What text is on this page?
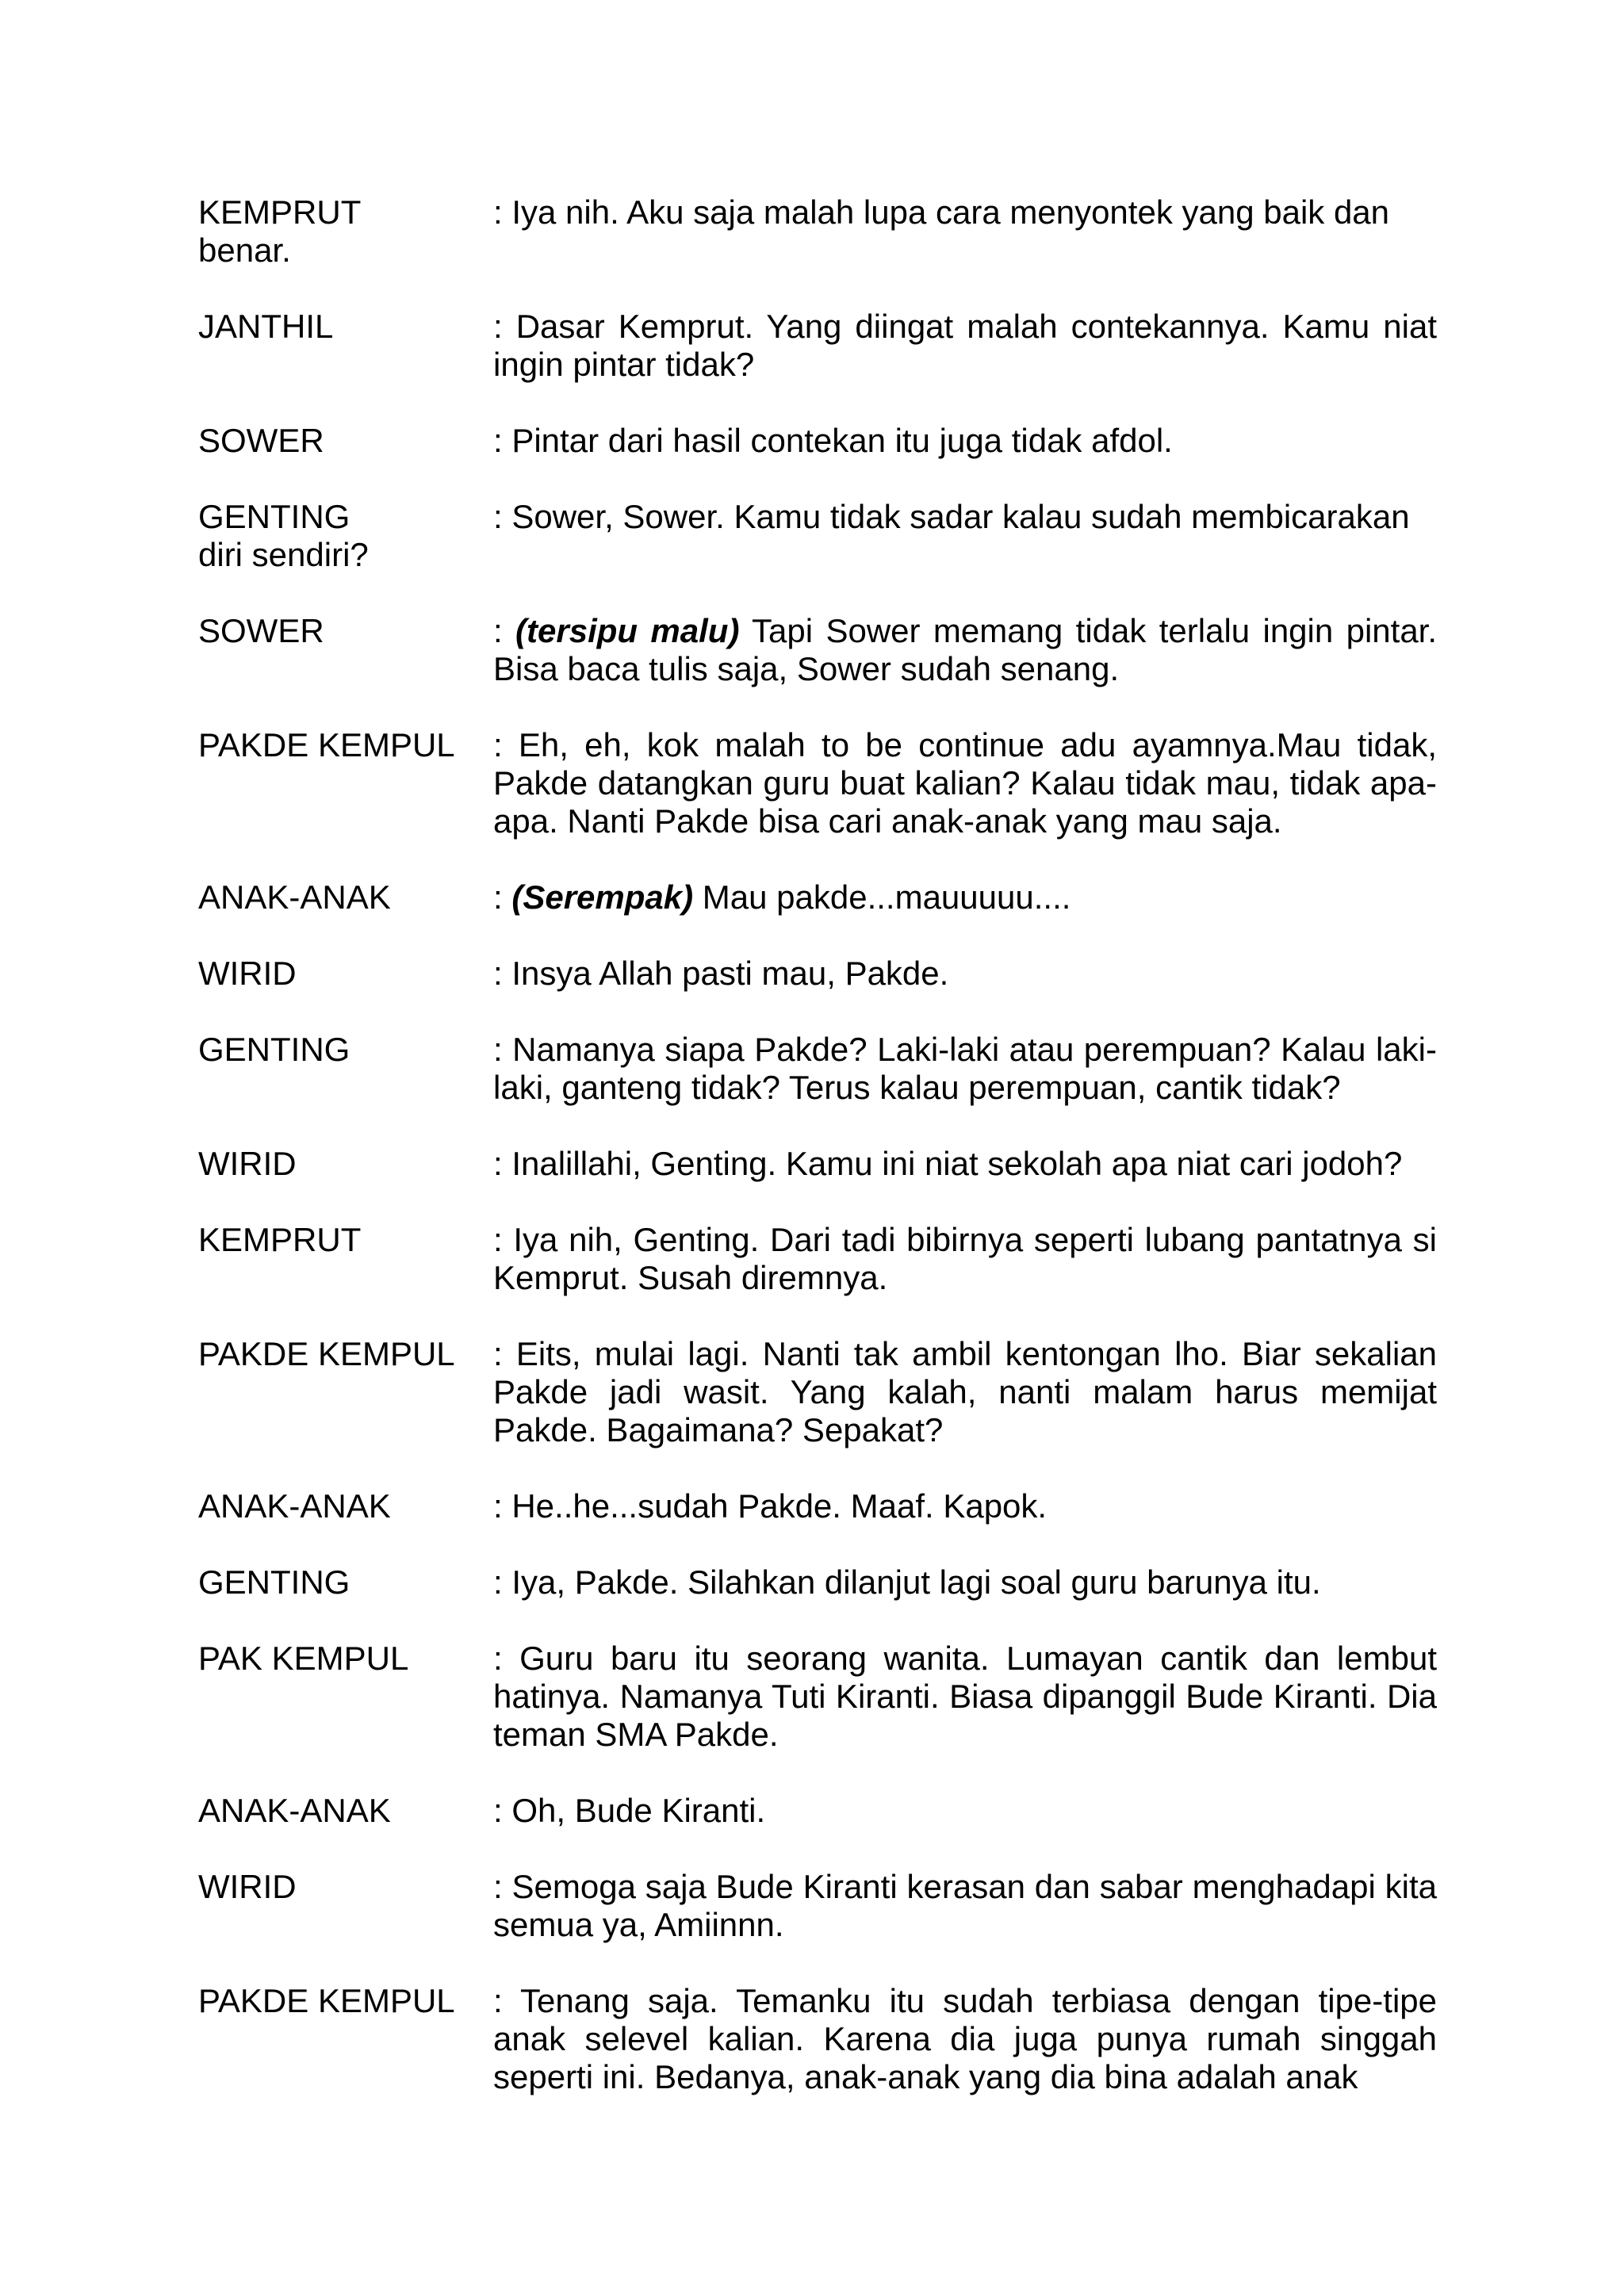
KEMPRUT	: Iya nih. Aku saja malah lupa cara menyontek yang baik dan
benar.
JANTHIL	: Dasar Kemprut. Yang diingat malah contekannya. Kamu niat ingin pintar tidak?
SOWER	: Pintar dari hasil contekan itu juga tidak afdol.
GENTING	: Sower, Sower. Kamu tidak sadar kalau sudah membicarakan
diri sendiri?
SOWER	: (tersipu malu) Tapi Sower memang tidak terlalu ingin pintar. Bisa baca tulis saja, Sower sudah senang.
PAKDE KEMPUL : Eh, eh, kok malah to be continue adu ayamnya.Mau tidak, Pakde datangkan guru buat kalian? Kalau tidak mau, tidak apa-apa. Nanti Pakde bisa cari anak-anak yang mau saja.
ANAK-ANAK	: (Serempak) Mau pakde...mauuuuu....
WIRID	: Insya Allah pasti mau, Pakde.
GENTING	: Namanya siapa Pakde? Laki-laki atau perempuan? Kalau laki-laki, ganteng tidak? Terus kalau perempuan, cantik tidak?
WIRID	: Inalillahi, Genting. Kamu ini niat sekolah apa niat cari jodoh?
KEMPRUT	: Iya nih, Genting. Dari tadi bibirnya seperti lubang pantatnya si Kemprut. Susah diremnya.
PAKDE KEMPUL : Eits, mulai lagi. Nanti tak ambil kentongan lho. Biar sekalian Pakde jadi wasit. Yang kalah, nanti malam harus memijat Pakde. Bagaimana? Sepakat?
ANAK-ANAK	: He..he...sudah Pakde. Maaf. Kapok.
GENTING	: Iya, Pakde. Silahkan dilanjut lagi soal guru barunya itu.
PAK KEMPUL	: Guru baru itu seorang wanita. Lumayan cantik dan lembut hatinya. Namanya Tuti Kiranti. Biasa dipanggil Bude Kiranti. Dia teman SMA Pakde.
ANAK-ANAK	: Oh, Bude Kiranti.
WIRID	: Semoga saja Bude Kiranti kerasan dan sabar menghadapi kita semua ya, Amiinnn.
PAKDE KEMPUL : Tenang saja. Temanku itu sudah terbiasa dengan tipe-tipe anak selevel kalian. Karena dia juga punya rumah singgah seperti ini. Bedanya, anak-anak yang dia bina adalah anak
